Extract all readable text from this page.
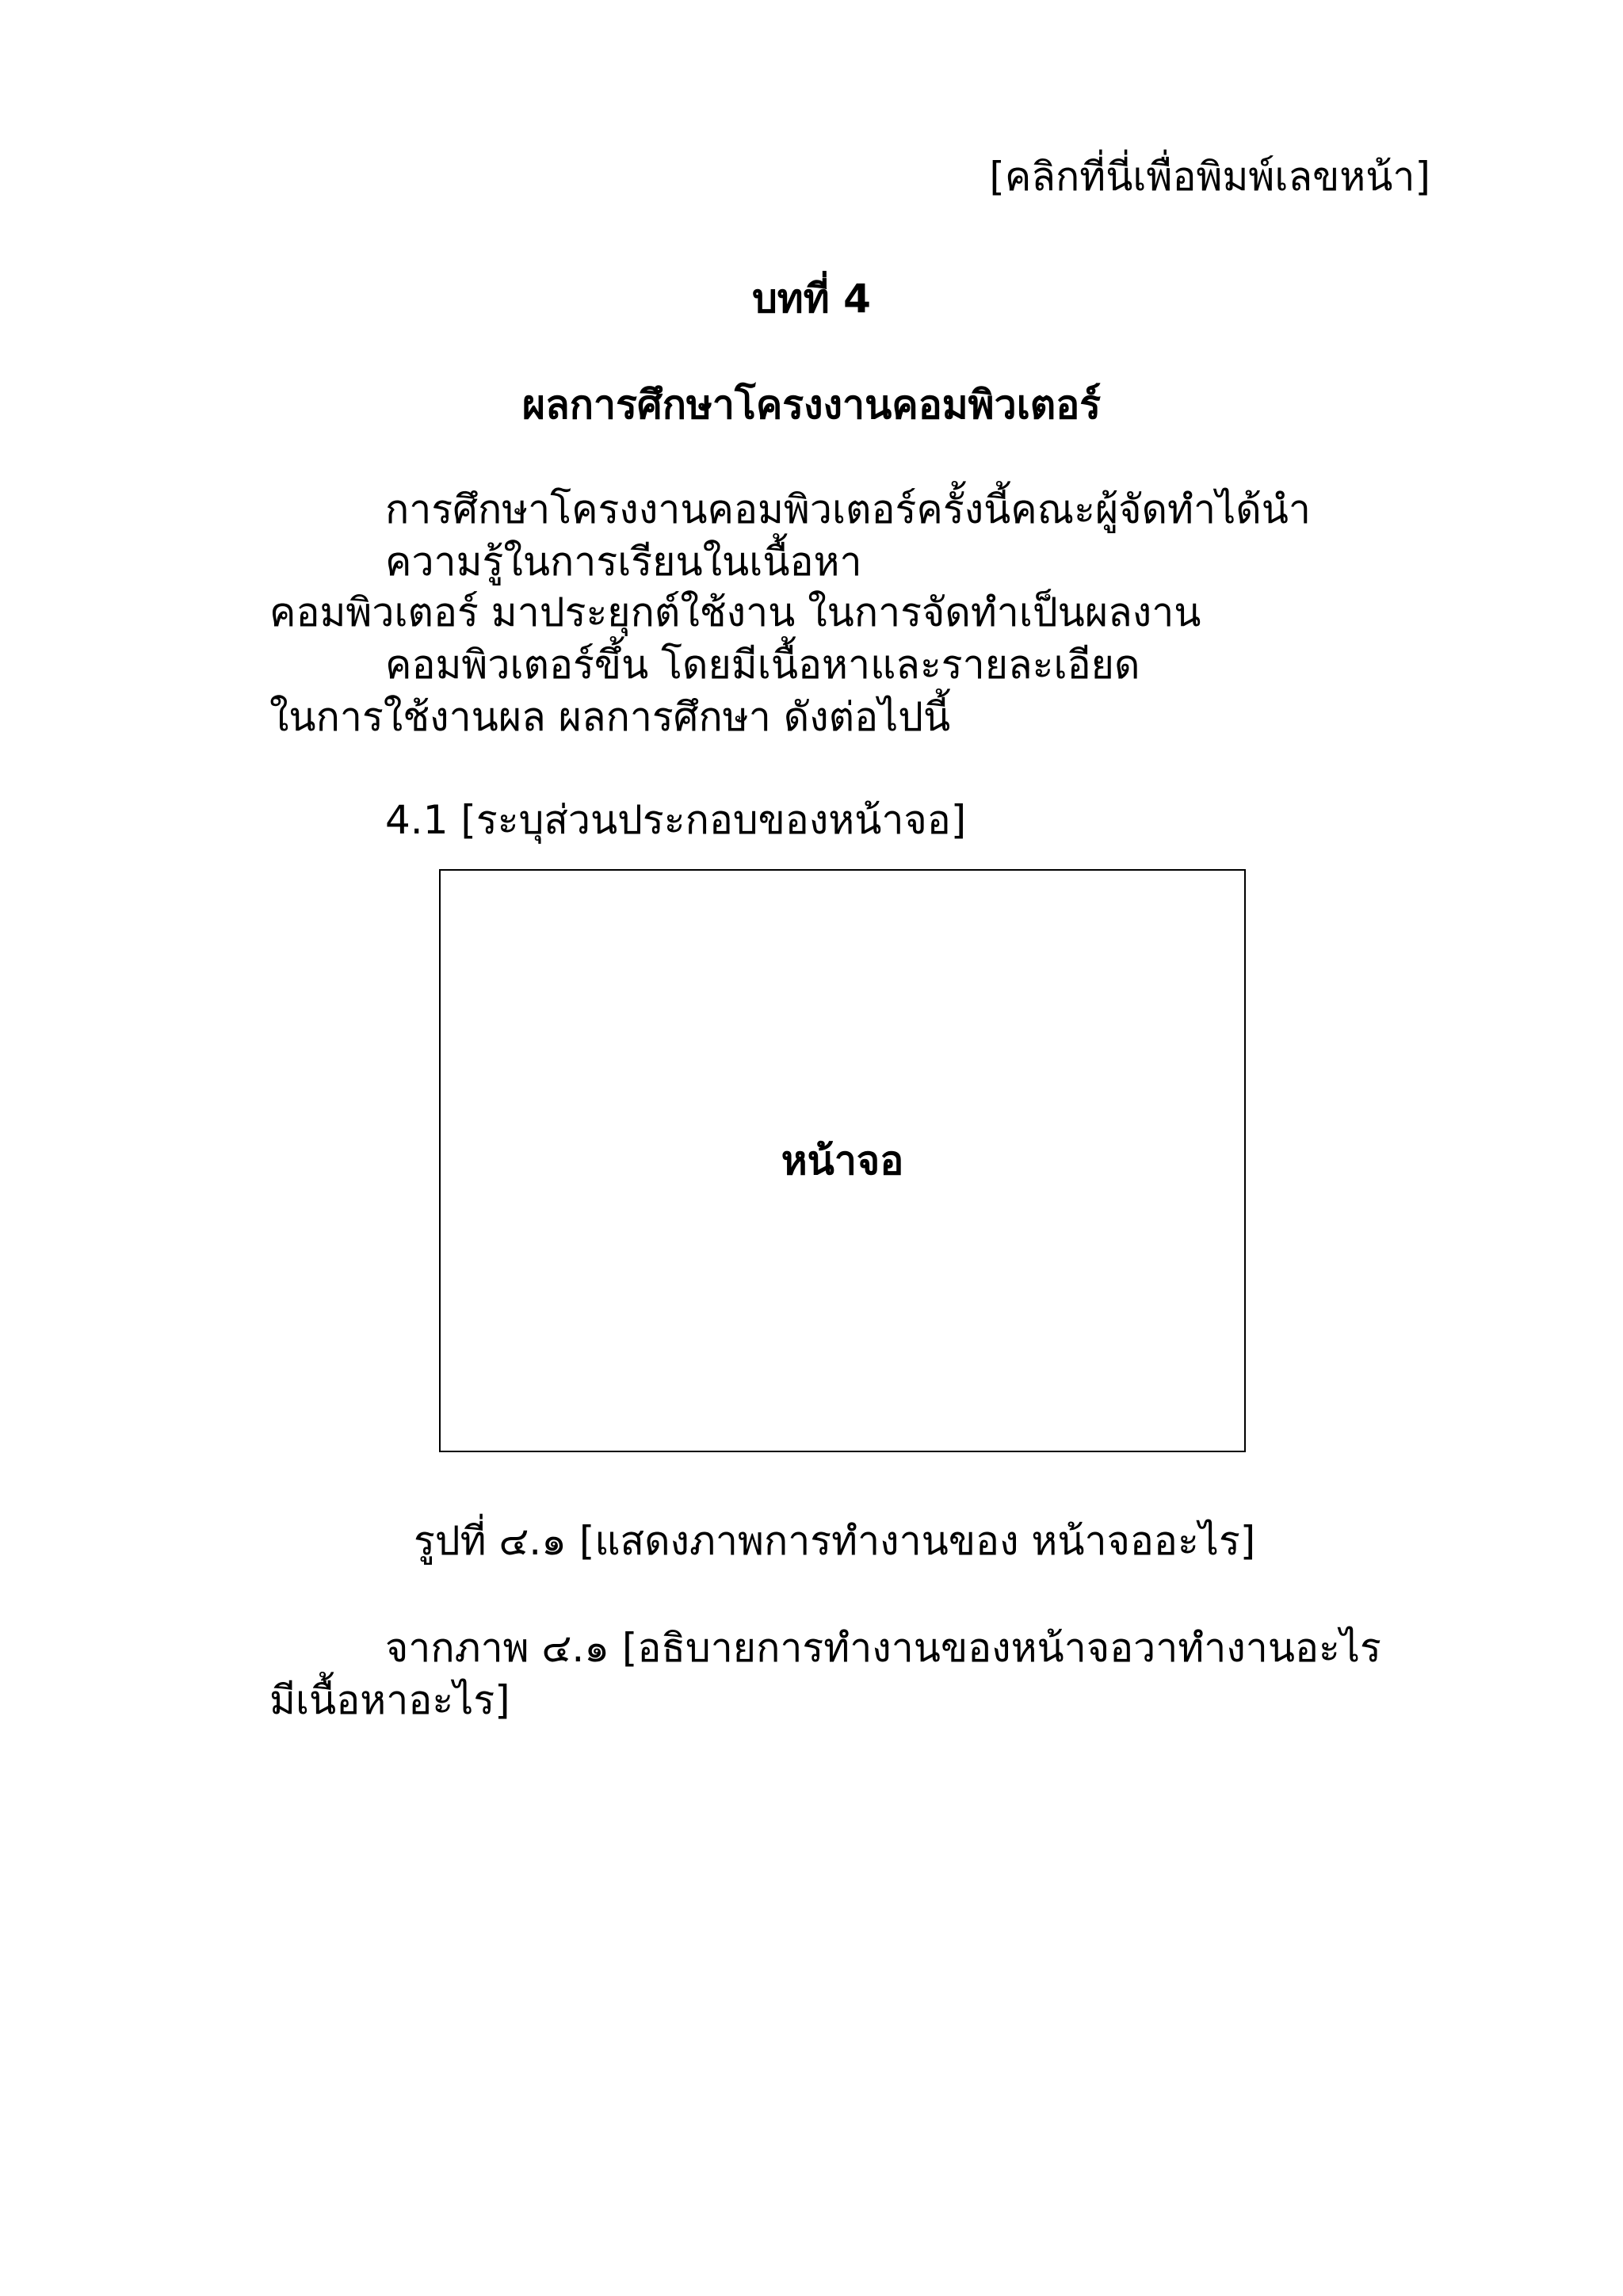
[คลิกที่นี่เพื่อพิมพ์เลขหน้า]
บทที่ 4
ผลการศึกษาโครงงานคอมพิวเตอร์
การศึกษาโครงงานคอมพิวเตอร์ครั้งนี้คณะผู้จัดทำได้นำ
ความรู้ในการเรียนในเนื้อหา
คอมพิวเตอร์ มาประยุกต์ใช้งาน ในการจัดทำเป็นผลงาน
คอมพิวเตอร์ขึ้น โดยมีเนื้อหาและรายละเอียด
ในการใช้งานผล ผลการศึกษา ดังต่อไปนี้
4.1 [ระบุส่วนประกอบของหน้าจอ]
หน้าจอ
รูปที่ ๔.๑ [แสดงภาพการทำงานของ หน้าจออะไร]
จากภาพ ๔.๑ [อธิบายการทำงานของหน้าจอวาทำงานอะไร
มีเนื้อหาอะไร]
